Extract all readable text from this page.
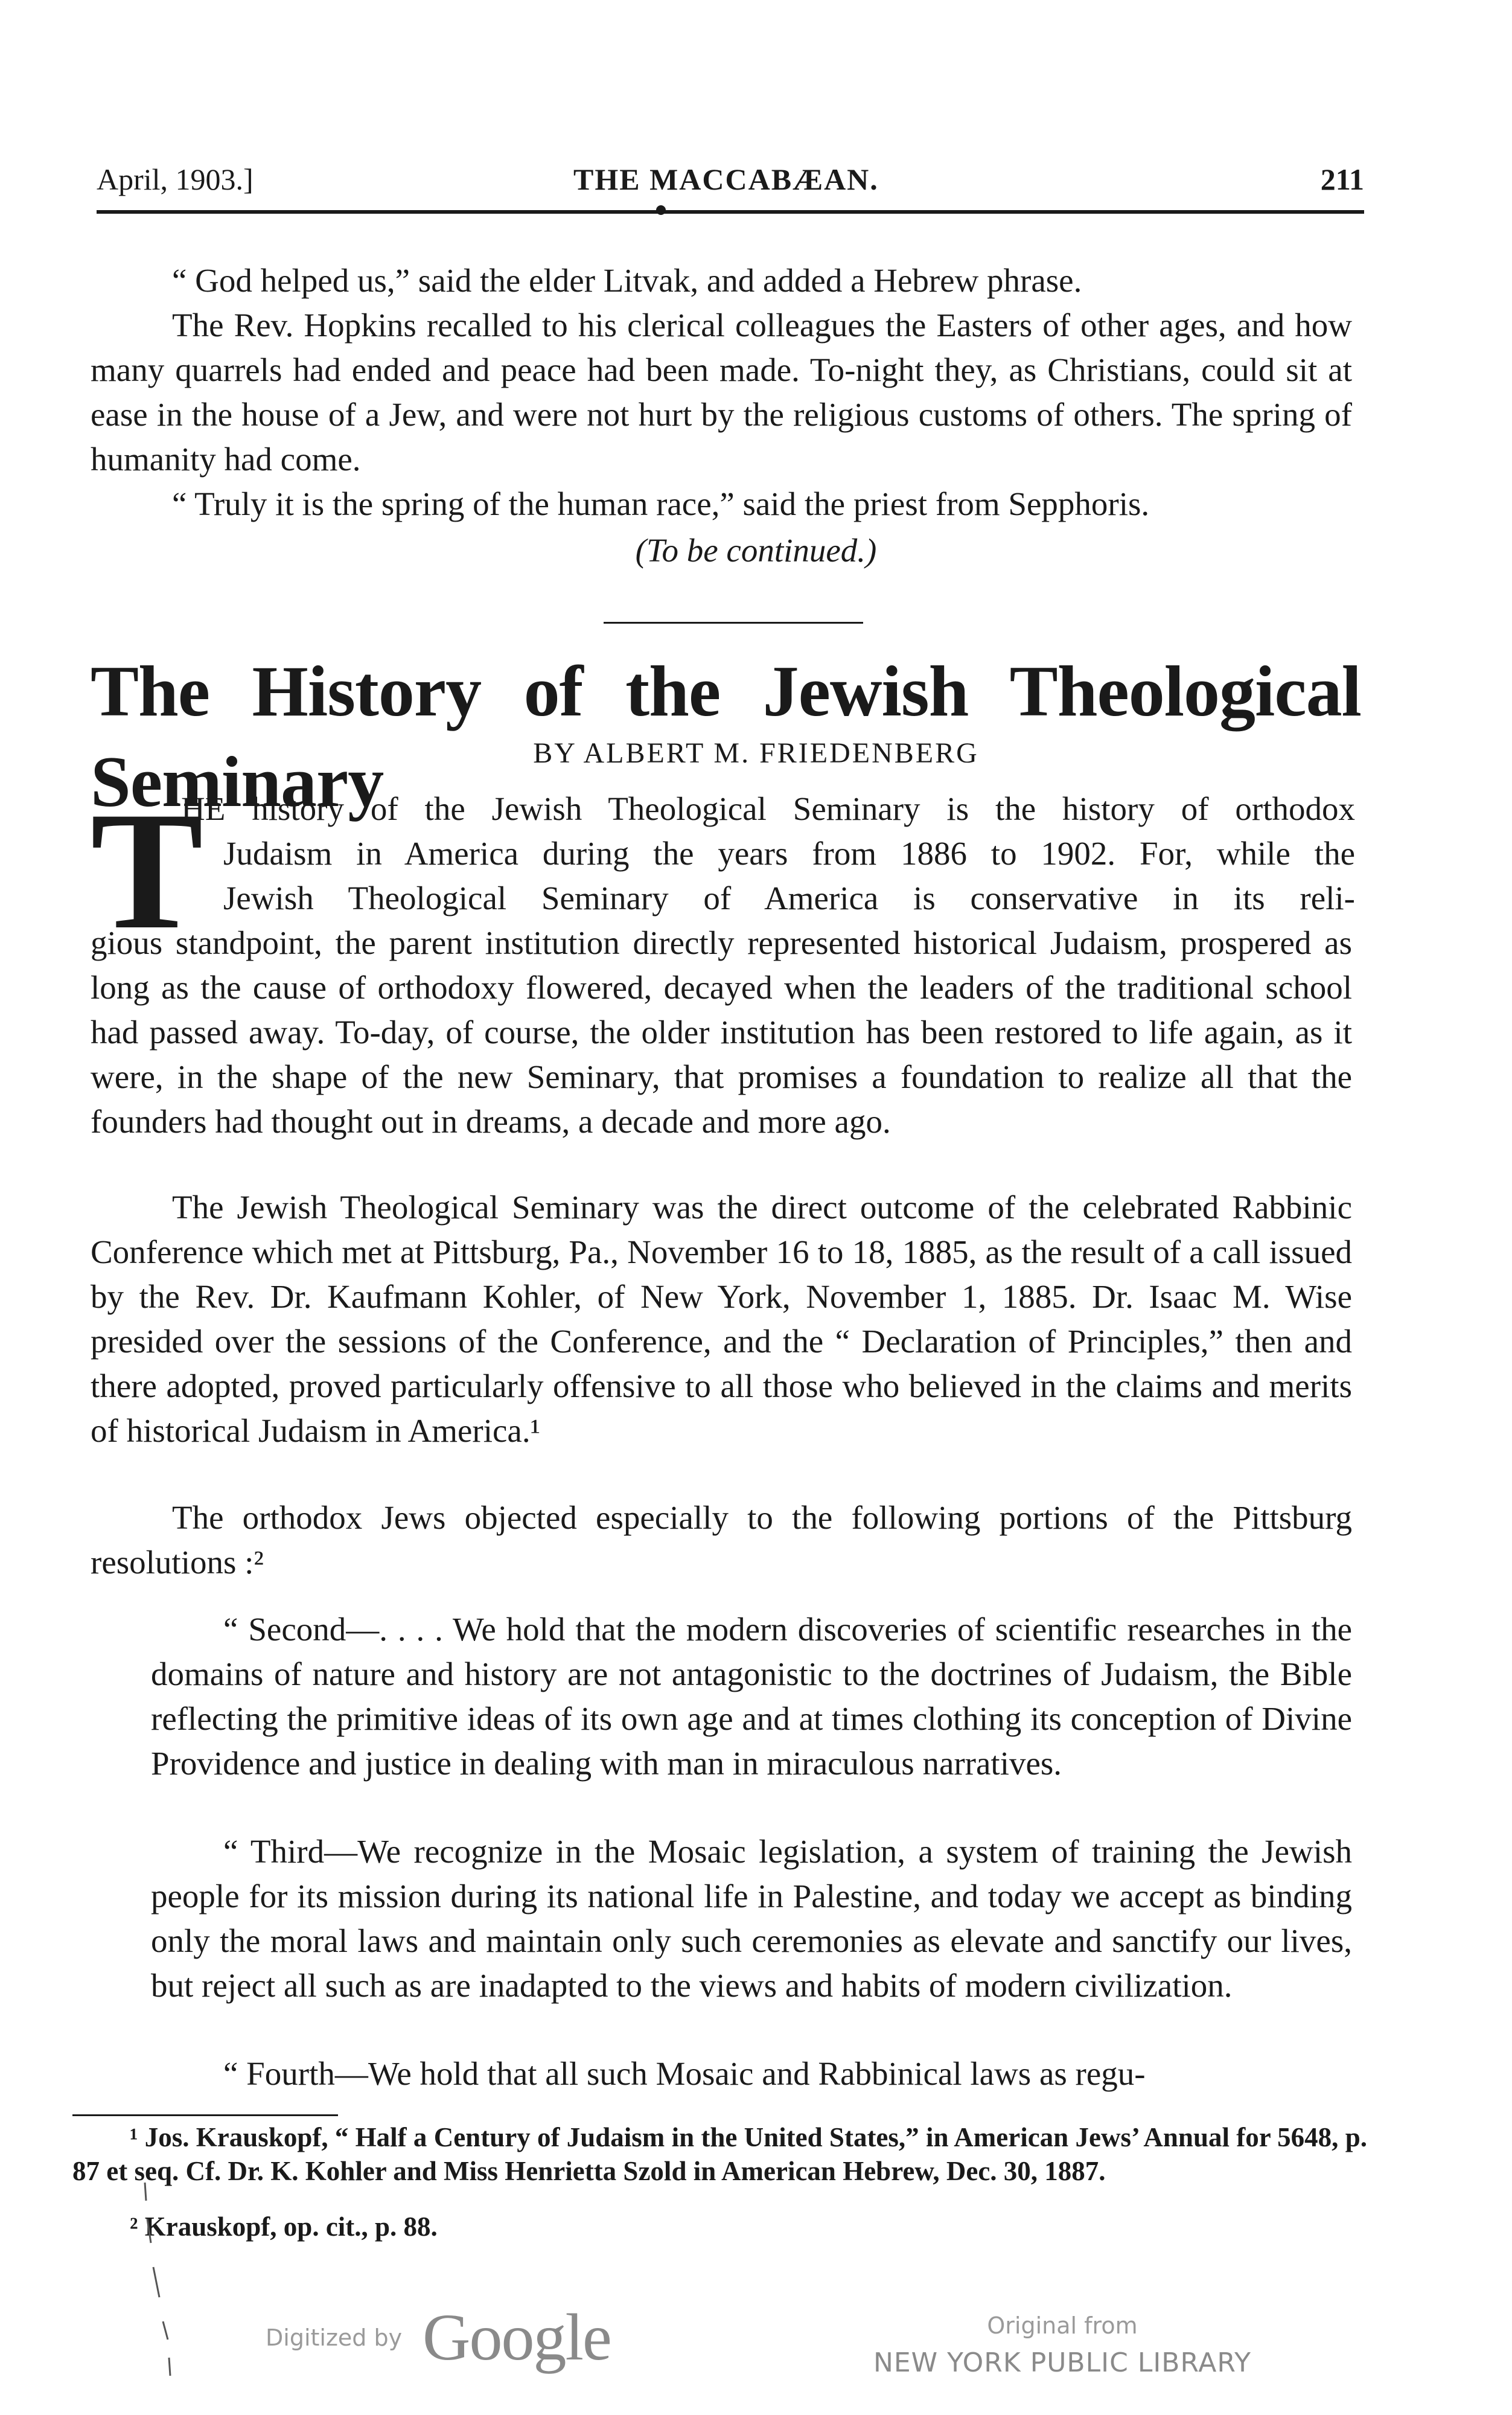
April, 1903.]	THE MACCABÆAN.	211

“ God helped us,” said the elder Litvak, and added a Hebrew phrase.

The Rev. Hopkins recalled to his clerical colleagues the Easters of other ages, and how many quarrels had ended and peace had been made. To-night they, as Christians, could sit at ease in the house of a Jew, and were not hurt by the religious customs of others. The spring of humanity had come.

“ Truly it is the spring of the human race,” said the priest from Sepphoris.

(To be continued.)
The History of the Jewish Theological Seminary	BY ALBERT M. FRIEDENBERG
T

HE history of the Jewish Theological Seminary is the history of orthodox

Judaism in America during the years from 1886 to 1902. For, while the

Jewish Theological Seminary of America is conservative in its reli-

gious standpoint, the parent institution directly represented historical Judaism, prospered as long as the cause of orthodoxy flowered, decayed when the leaders of the traditional school had passed away. To-day, of course, the older institution has been restored to life again, as it were, in the shape of the new Seminary, that promises a foundation to realize all that the founders had thought out in dreams, a decade and more ago.

The Jewish Theological Seminary was the direct outcome of the celebrated Rabbinic Conference which met at Pittsburg, Pa., November 16 to 18, 1885, as the result of a call issued by the Rev. Dr. Kaufmann Kohler, of New York, November 1, 1885. Dr. Isaac M. Wise presided over the sessions of the Conference, and the “ Declaration of Principles,” then and there adopted, proved particularly offensive to all those who believed in the claims and merits of historical Judaism in America.¹

The orthodox Jews objected especially to the following portions of the Pittsburg resolutions :²

“ Second—. . . . We hold that the modern discoveries of scientific researches in the domains of nature and history are not antagonistic to the doctrines of Judaism, the Bible reflecting the primitive ideas of its own age and at times clothing its conception of Divine Providence and justice in dealing with man in miraculous narratives.

“ Third—We recognize in the Mosaic legislation, a system of training the Jewish people for its mission during its national life in Palestine, and today we accept as binding only the moral laws and maintain only such ceremonies as elevate and sanctify our lives, but reject all such as are inadapted to the views and habits of modern civilization.

“ Fourth—We hold that all such Mosaic and Rabbinical laws as regu-

¹ Jos. Krauskopf, “ Half a Century of Judaism in the United States,” in American Jews’ Annual for 5648, p. 87 et seq. Cf. Dr. K. Kohler and Miss Henrietta Szold in American Hebrew, Dec. 30, 1887.

² Krauskopf, op. cit., p. 88.

Digitized by Google	Original from
NEW YORK PUBLIC LIBRARY
